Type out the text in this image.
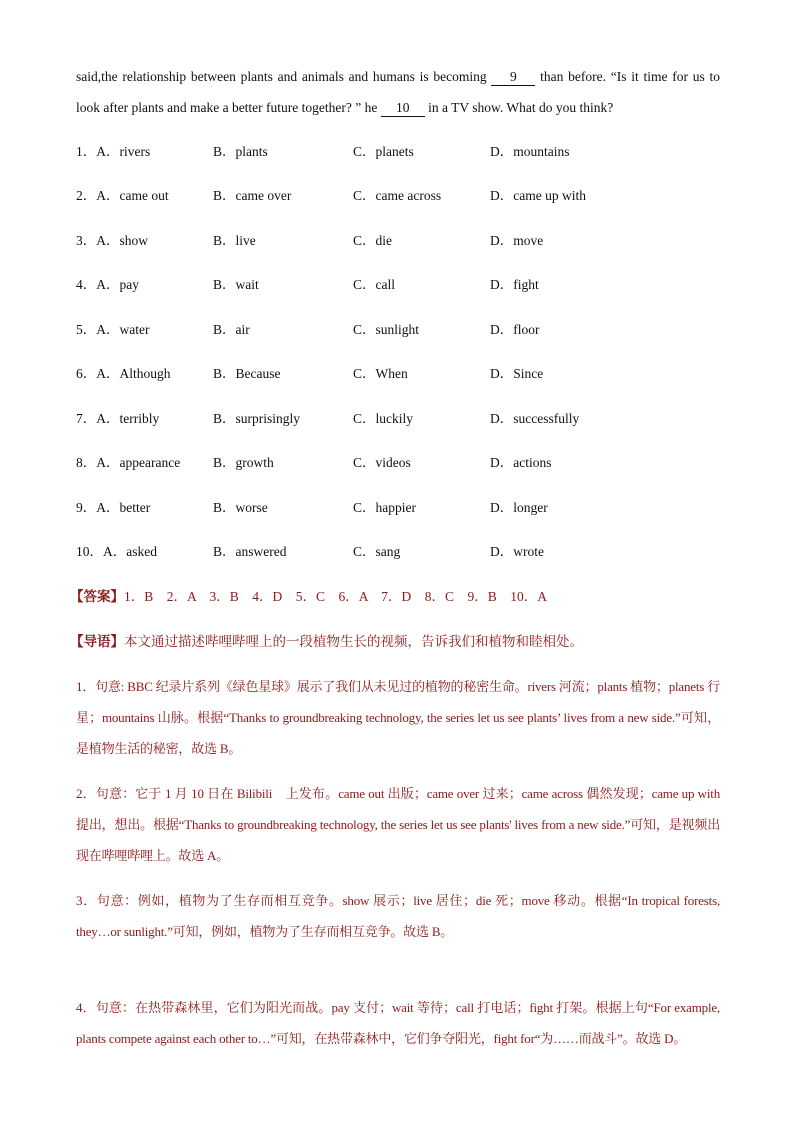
said,the relationship between plants and animals and humans is becoming 9 than before. “Is it time for us to look after plants and make a better future together? ” he 10 in a TV show. What do you think?
1．A．rivers	B．plants	C．planets	D．mountains
2．A．came out	B．came over	C．came across	D．came up with
3．A．show	B．live	C．die	D．move
4．A．pay	B．wait	C．call	D．fight
5．A．water	B．air	C．sunlight	D．floor
6．A．Although	B．Because	C．When	D．Since
7．A．terribly	B．surprisingly	C．luckily	D．successfully
8．A．appearance B．growth	C．videos	D．actions
9．A．better	B．worse	C．happier	D．longer
10．A．asked	B．answered	C．sang	D．wrote
【答案】1．B　2．A　3．B　4．D　5．C　6．A　7．D　8．C　9．B　10．A
【导语】本文通过描述哔哩哔哩上的一段植物生长的视频，告诉我们和植物和睦相处。
1．句意: BBC 纪录片系列《绿色星球》展示了我们从未见过的植物的秘密生命。rivers 河流；plants 植物；planets 行星；mountains 山脉。根据“Thanks to groundbreaking technology, the series let us see plants’ lives from a new side.”可知，是植物生活的秘密，故选 B。
2．句意：它于 1 月 10 日在 Bilibili　上发布。came out 出版；came over 过来；came across 偶然发现；came up with 提出，想出。根据“Thanks to groundbreaking technology, the series let us see plants' lives from a new side.”可知，是视频出现在哔哩哔哩上。故选 A。
3．句意：例如，植物为了生存而相互竞争。show 展示；live 居住；die 死；move 移动。根据“In tropical forests, they…or sunlight.”可知，例如，植物为了生存而相互竞争。故选 B。
4．句意：在热带森林里，它们为阳光而战。pay 支付；wait 等待；call 打电话；fight 打架。根据上句“For example, plants compete against each other to…”可知，在热带森林中，它们争夺阳光，fight for“为……而战斗”。故选 D。
